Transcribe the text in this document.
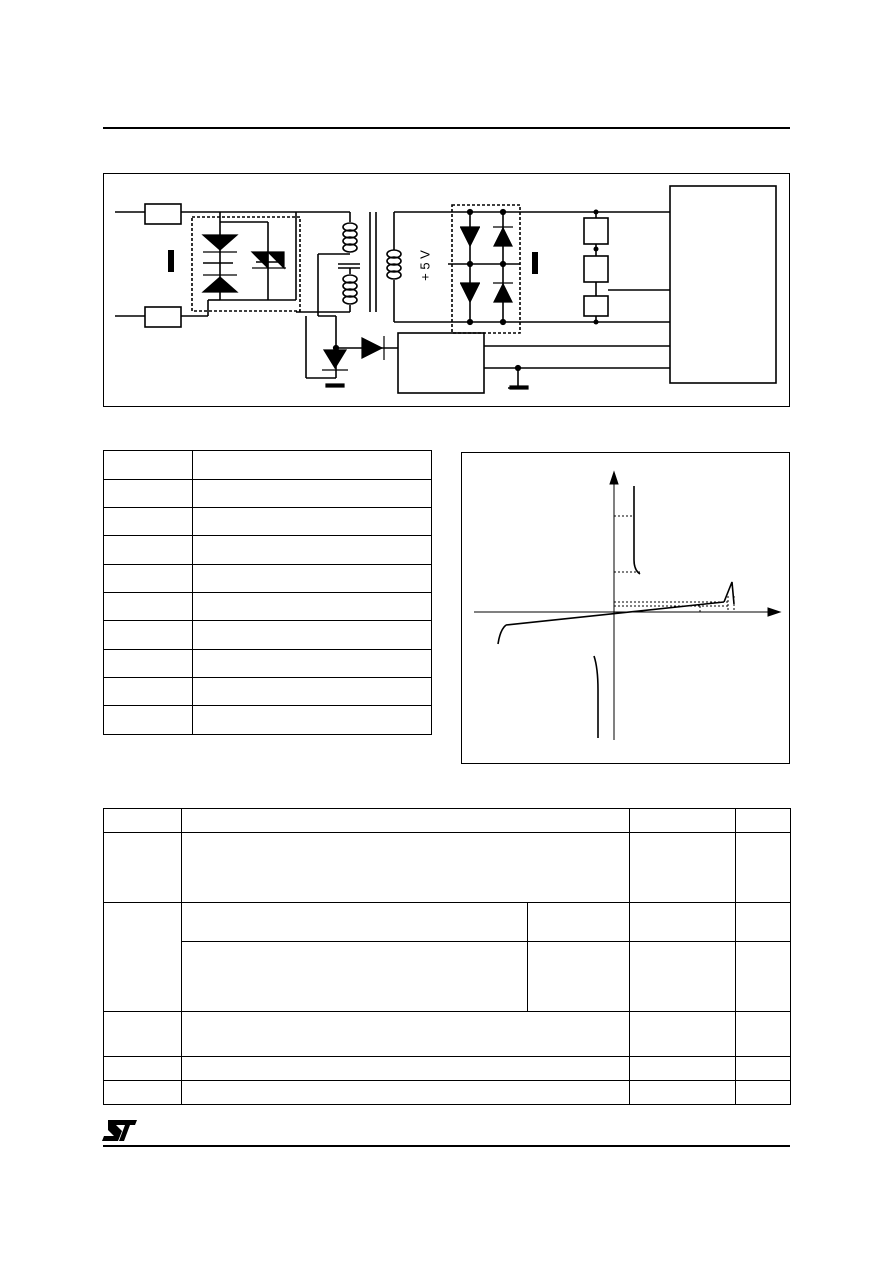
+ 5 V
